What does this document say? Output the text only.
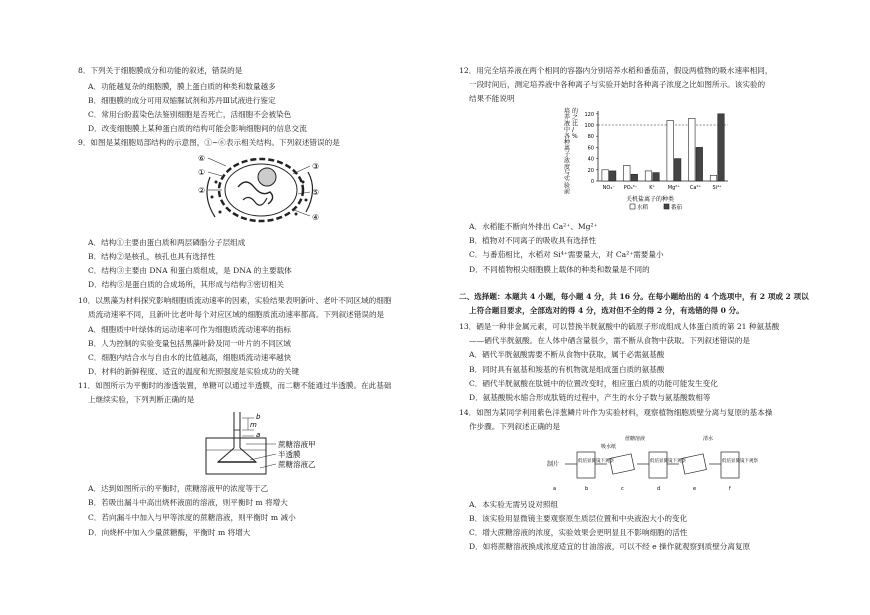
8．下列关于细胞膜成分和功能的叙述，错误的是
A．功能越复杂的细胞膜，膜上蛋白质的种类和数量越多
B．细胞膜的成分可用双缩脲试剂和苏丹Ⅲ试液进行鉴定
C．常用台盼蓝染色法鉴别细胞是否死亡，活细胞不会被染色
D．改变细胞膜上某种蛋白质的结构可能会影响细胞间的信息交流
9．如图是某细胞局部结构的示意图，①~⑥表示相关结构。下列叙述错误的是
⑥
①
②
③
⑤
④
A．结构①主要由蛋白质和两层磷脂分子层组成
B．结构②是核孔，核孔也具有选择性
C．结构③主要由 DNA 和蛋白质组成，是 DNA 的主要载体
D．结构⑤是蛋白质的合成场所，其形成与结构③密切相关
10．以黑藻为材料探究影响细胞质流动速率的因素，实验结果表明新叶、老叶不同区域的细胞
质流动速率不同，且新叶比老叶每个对应区域的细胞质流动速率都高。下列叙述错误的是
A．细胞质中叶绿体的运动速率可作为细胞质流动速率的指标
B．人为控制的实验变量包括黑藻叶龄及同一叶片的不同区域
C．细胞内结合水与自由水的比值越高，细胞质流动速率越快
D．材料的新鲜程度、适宜的温度和光照强度是实验成功的关键
11．如图所示为平衡时的渗透装置，单糖可以通过半透膜，而二糖不能通过半透膜。在此基础
上继续实验，下列判断正确的是
b
m
a
蔗糖溶液甲
半透膜
蔗糖溶液乙
A．达到如图所示的平衡时，蔗糖溶液甲的浓度等于乙
B．若吸出漏斗中高出烧杯液面的溶液，则平衡时 m 将增大
C．若向漏斗中加入与甲等浓度的蔗糖溶液，则平衡时 m 减小
D．向烧杯中加入少量蔗糖酶，平衡时 m 将增大
12．用完全培养液在两个相同的容器内分别培养水稻和番茄苗，假设两植物的吸水速率相同，
一段时间后，测定培养液中各种离子与实验开始时各种离子浓度之比如图所示。该实验的
结果不能说明
培养液中各种离子浓度与实验前的之比/ %
0
20
40
60
80
100
120
NO₃⁻ PO₄³⁻ K⁺	Mg²⁺ Ca²⁺ Si⁴⁺
关机盐离子的种类
水稻	番茄
A．水稻能不断向外排出 Ca²⁺、Mg²⁺
B．植物对不同离子的吸收具有选择性
C．与番茄相比，水稻对 Si⁴⁺需要量大，对 Ca²⁺需要量小
D．不同植物根尖细胞膜上载体的种类和数量是不同的
二、选择题：本题共 4 小题，每小题 4 分，共 16 分。在每小题给出的 4 个选项中，有 2 项或 2 项以
上符合题目要求，全部选对的得 4 分，选对但不全的得 2 分，有选错的得 0 分。
13．硒是一种非金属元素，可以替换半胱氨酸中的硫原子形成组成人体蛋白质的第 21 种氨基酸
——硒代半胱氨酸。在人体中硒含量很少，需不断从食物中获取。下列叙述错误的是
A．硒代半胱氨酸需要不断从食物中获取，属于必需氨基酸
B．同时具有氨基和羧基的有机物就是组成蛋白质的氨基酸
C．硒代半胱氨酸在肽链中的位置改变时，相应蛋白质的功能可能发生变化
D．氨基酸脱水缩合形成肽链的过程中，产生的水分子数与氨基酸数相等
14．如图为某同学利用紫色洋葱鳞片叶作为实验材料，观察植物细胞质壁分离与复原的基本操
作步骤。下列叙述正确的是
制片	低倍显微镜下观察
蔗糖溶液
吸水纸
低倍显微镜下观察
清水
低倍显微镜下观察
a	b	c	d	e	f
A．本实验无需另设对照组
B．该实验用显微镜主要观察原生质层位置和中央液泡大小的变化
C．增大蔗糖溶液的浓度，实验效果会更明显且不影响细胞的活性
D．如将蔗糖溶液换成浓度适宜的甘油溶液，可以不经 e 操作就观察到质壁分离复原
